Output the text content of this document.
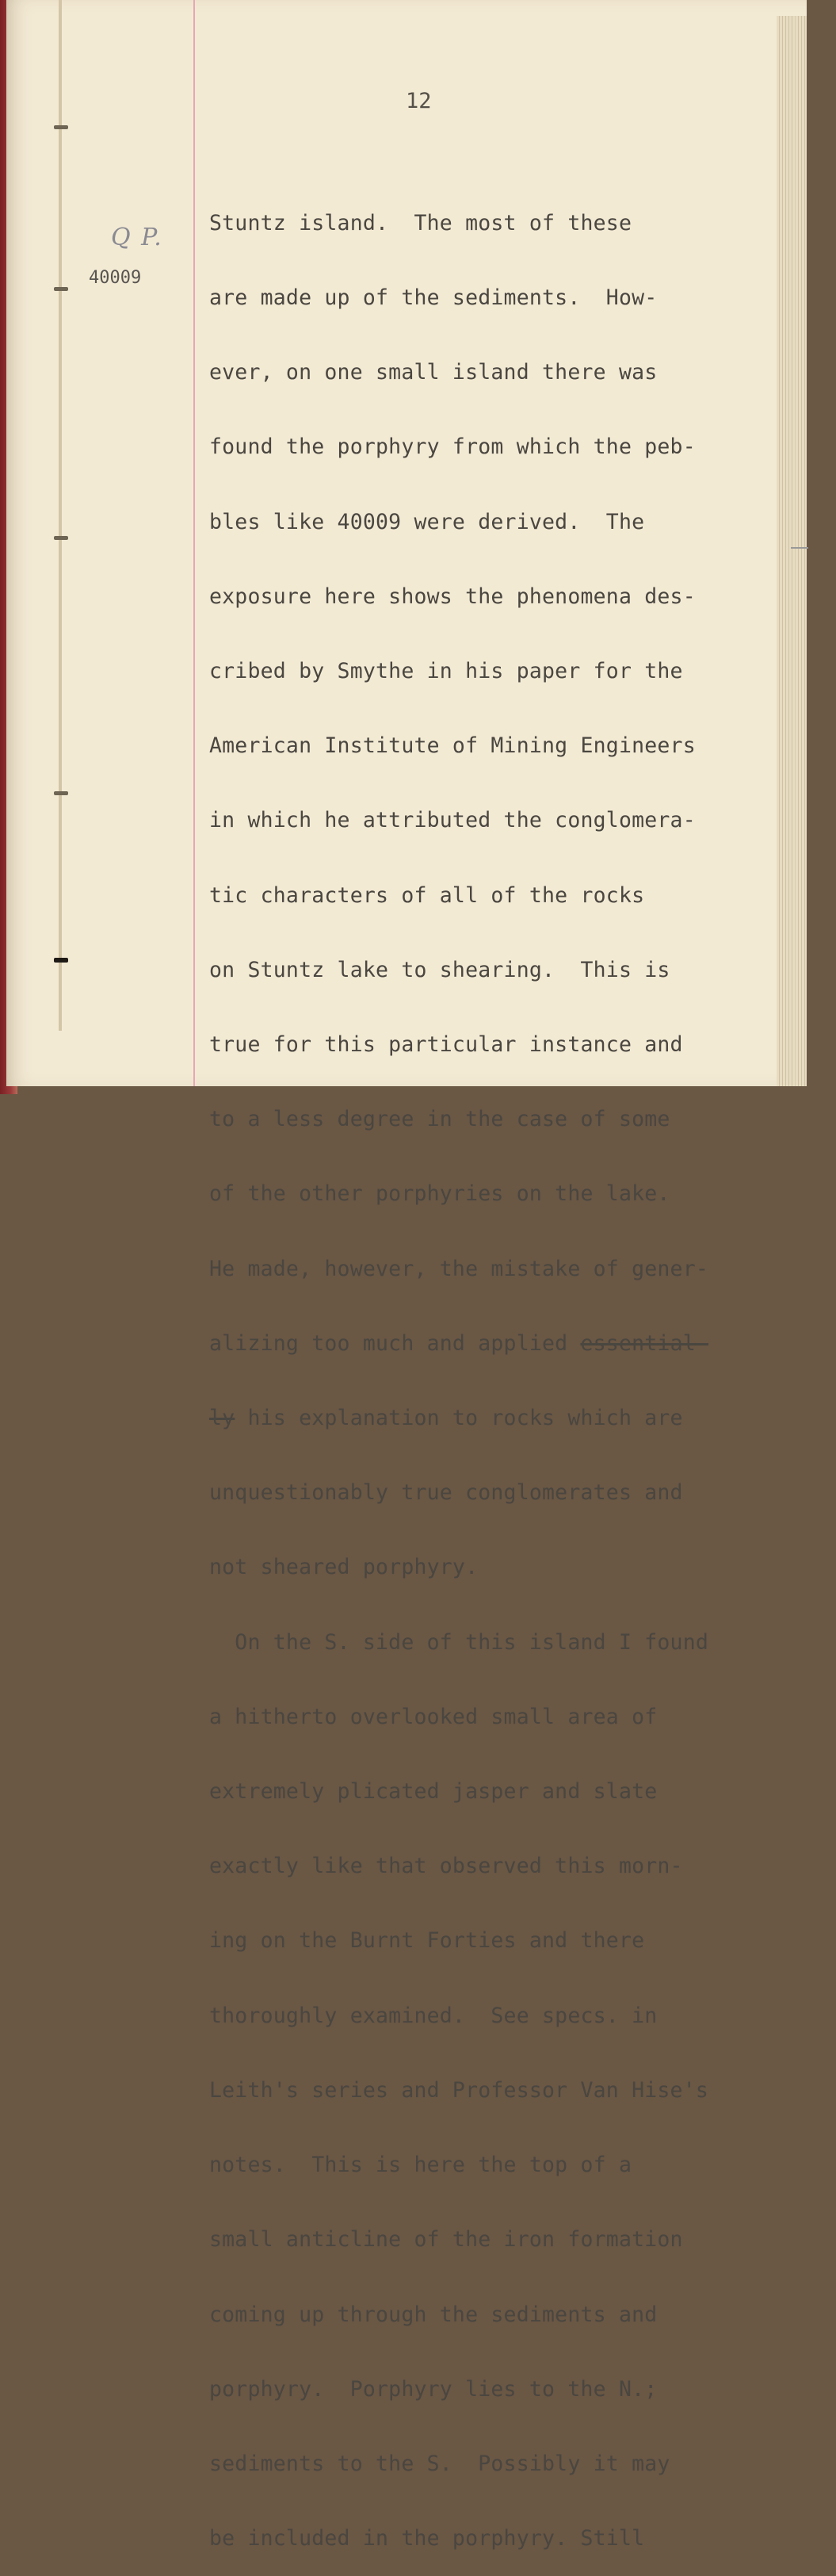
12
Q P.
40009

Stuntz island.  The most of these

are made up of the sediments.  How-

ever, on one small island there was

found the porphyry from which the peb-

bles like 40009 were derived.  The

exposure here shows the phenomena des-

cribed by Smythe in his paper for the

American Institute of Mining Engineers

in which he attributed the conglomera-

tic characters of all of the rocks

on Stuntz lake to shearing.  This is

true for this particular instance and

to a less degree in the case of some

of the other porphyries on the lake.

He made, however, the mistake of gener-

alizing too much and applied essential-

ly his explanation to rocks which are

unquestionably true conglomerates and

not sheared porphyry.

On the S. side of this island I found

a hitherto overlooked small area of

extremely plicated jasper and slate

exactly like that observed this morn-

ing on the Burnt Forties and there

thoroughly examined.  See specs. in

Leith's series and Professor Van Hise's

notes.  This is here the top of a

small anticline of the iron formation

coming up through the sediments and

porphyry.  Porphyry lies to the N.;

sediments to the S.  Possibly it may

be included in the porphyry. Still
